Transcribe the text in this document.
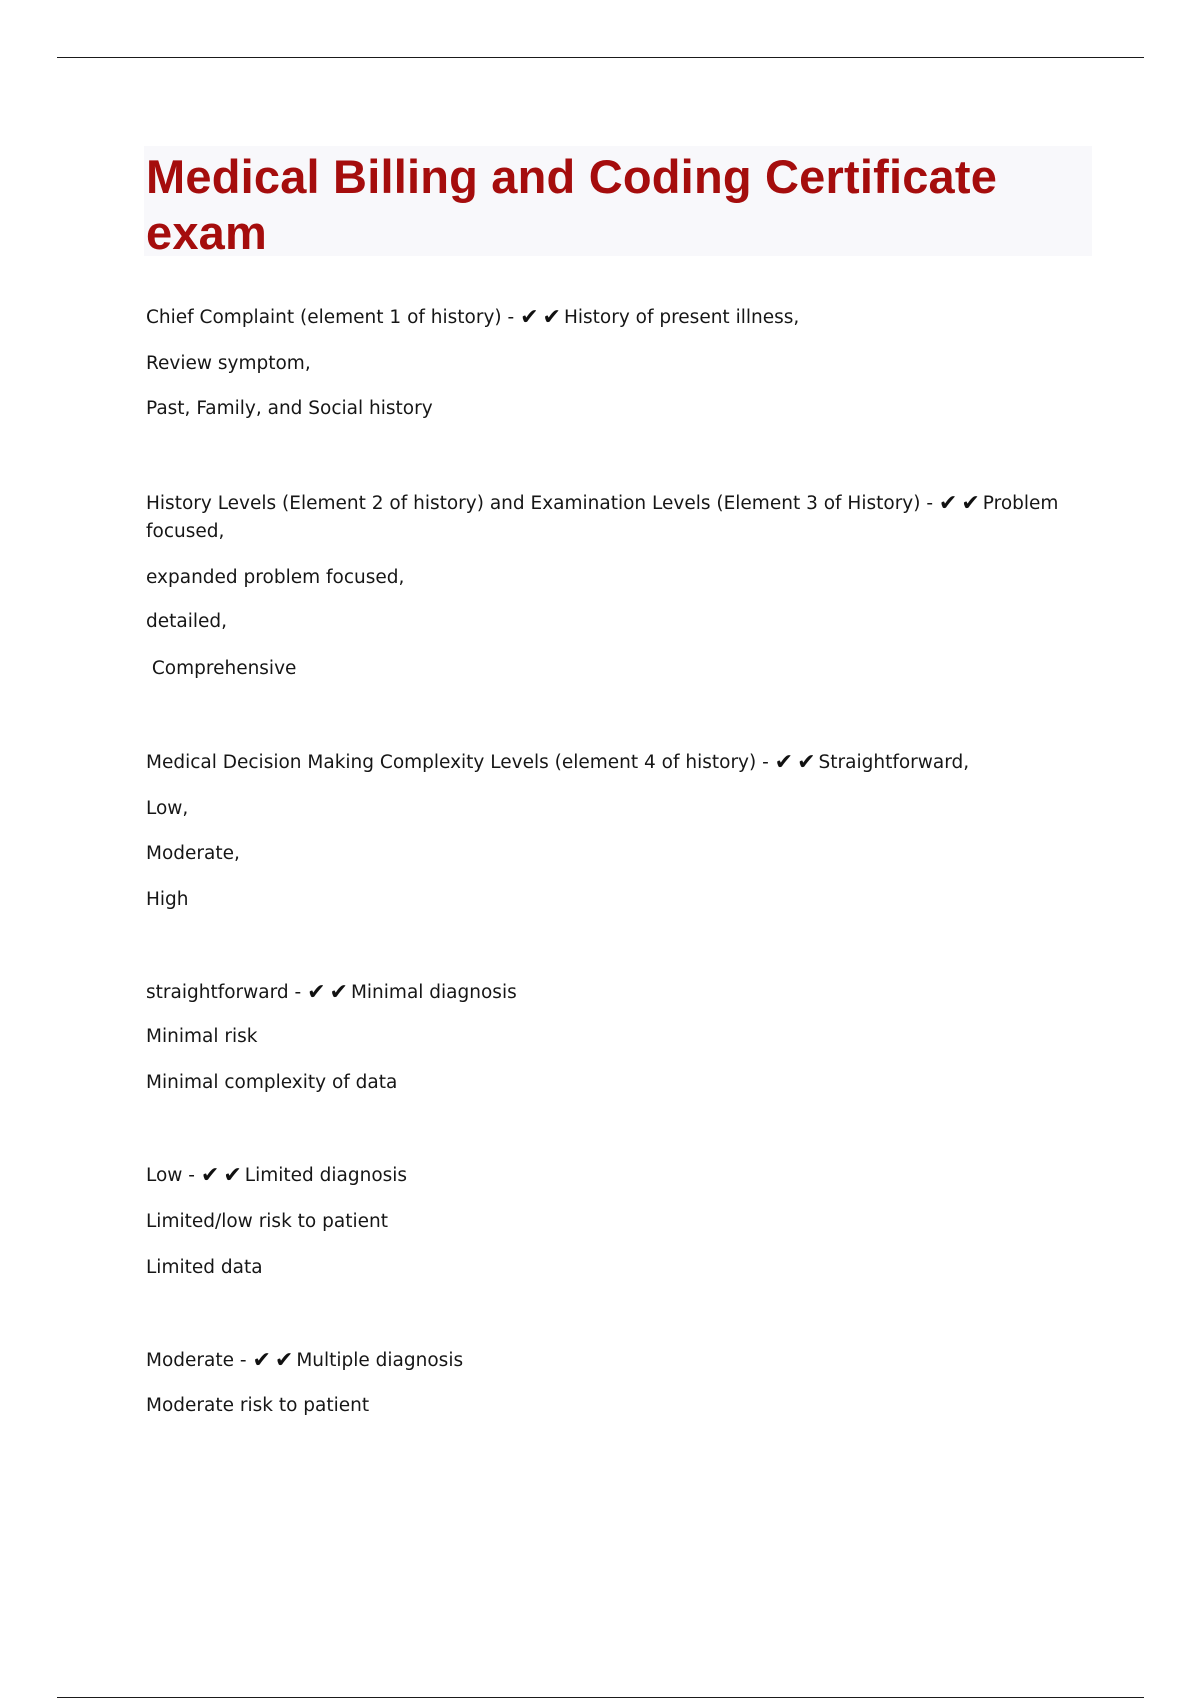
Medical Billing and Coding Certificate exam
Chief Complaint (element 1 of history) - ✔ ✔ History of present illness,
Review symptom,
Past, Family, and Social history
History Levels (Element 2 of history) and Examination Levels (Element 3 of History) - ✔ ✔ Problem focused,
expanded problem focused,
detailed,
Comprehensive
Medical Decision Making Complexity Levels (element 4 of history) - ✔ ✔ Straightforward,
Low,
Moderate,
High
straightforward - ✔ ✔ Minimal diagnosis
Minimal risk
Minimal complexity of data
Low - ✔ ✔ Limited diagnosis
Limited/low risk to patient
Limited data
Moderate - ✔ ✔ Multiple diagnosis
Moderate risk to patient
